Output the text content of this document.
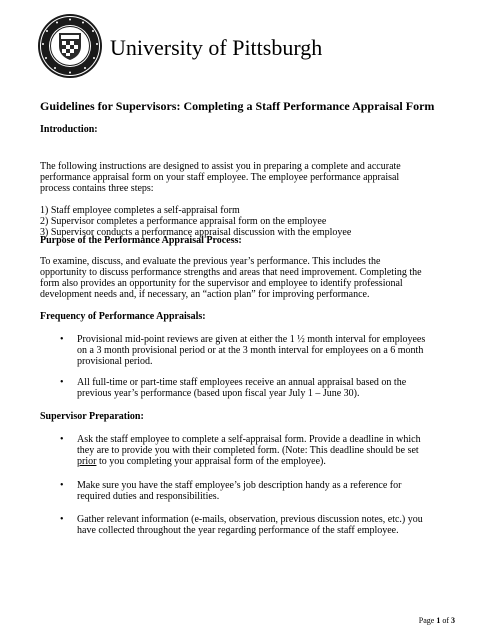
University of Pittsburgh
Guidelines for Supervisors: Completing a Staff Performance Appraisal Form
Introduction:
The following instructions are designed to assist you in preparing a complete and accurate
performance appraisal form on your staff employee. The employee performance appraisal
process contains three steps:
1) Staff employee completes a self-appraisal form
2) Supervisor completes a performance appraisal form on the employee
3) Supervisor conducts a performance appraisal discussion with the employee
Purpose of the Performance Appraisal Process:
To examine, discuss, and evaluate the previous year’s performance. This includes the
opportunity to discuss performance strengths and areas that need improvement. Completing the
form also provides an opportunity for the supervisor and employee to identify professional
development needs and, if necessary, an “action plan” for improving performance.
Frequency of Performance Appraisals:
• Provisional mid-point reviews are given at either the 1 ½ month interval for employees
on a 3 month provisional period or at the 3 month interval for employees on a 6 month
provisional period.
• All full-time or part-time staff employees receive an annual appraisal based on the
previous year’s performance (based upon fiscal year July 1 – June 30).
Supervisor Preparation:
• Ask the staff employee to complete a self-appraisal form. Provide a deadline in which
they are to provide you with their completed form. (Note: This deadline should be set
prior to you completing your appraisal form of the employee).
• Make sure you have the staff employee’s job description handy as a reference for
required duties and responsibilities.
• Gather relevant information (e-mails, observation, previous discussion notes, etc.) you
have collected throughout the year regarding performance of the staff employee.
Page 1 of 3
